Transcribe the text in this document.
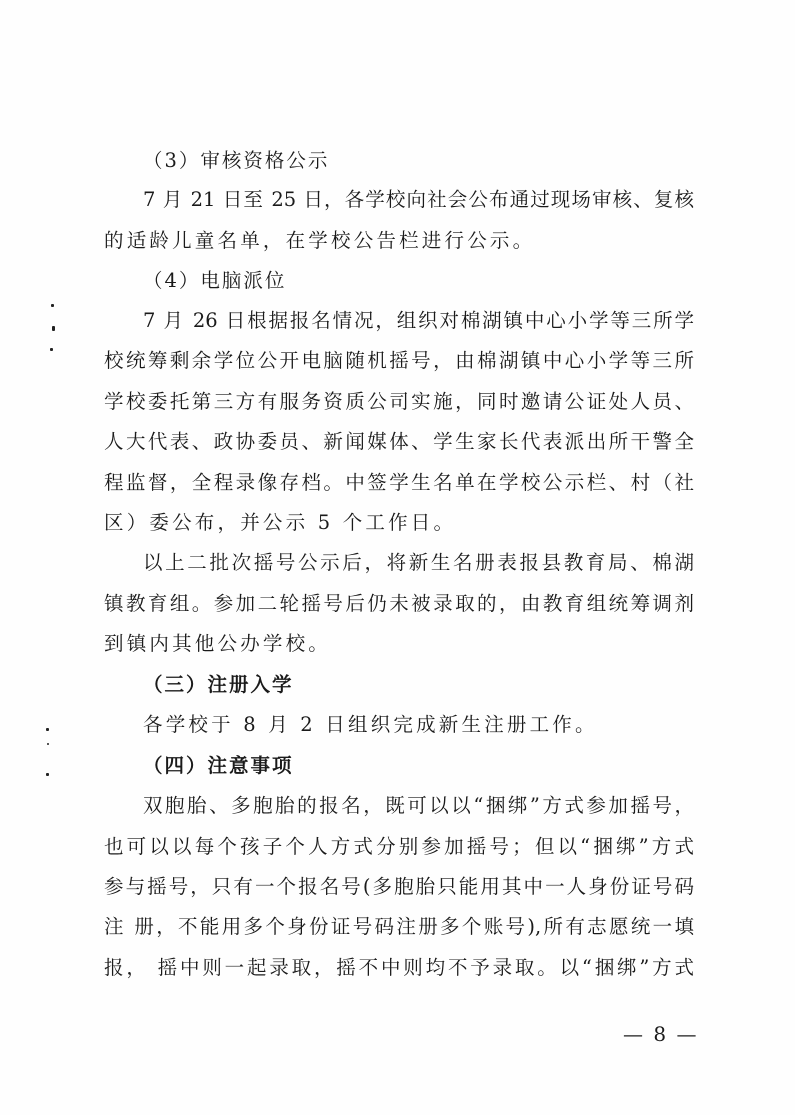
（3）审核资格公示
7 月 21 日至 25 日，各学校向社会公布通过现场审核、复核
的适龄儿童名单，在学校公告栏进行公示。
（4）电脑派位
7 月 26 日根据报名情况，组织对棉湖镇中心小学等三所学
校统筹剩余学位公开电脑随机摇号，由棉湖镇中心小学等三所
学校委托第三方有服务资质公司实施，同时邀请公证处人员、
人大代表、政协委员、新闻媒体、学生家长代表派出所干警全
程监督，全程录像存档。中签学生名单在学校公示栏、村（社
区）委公布，并公示 5 个工作日。
以上二批次摇号公示后，将新生名册表报县教育局、棉湖
镇教育组。参加二轮摇号后仍未被录取的，由教育组统筹调剂
到镇内其他公办学校。
（三）注册入学
各学校于 8 月 2 日组织完成新生注册工作。
（四）注意事项
双胞胎、多胞胎的报名，既可以以“捆绑”方式参加摇号，
也可以以每个孩子个人方式分别参加摇号；但以“捆绑”方式
参与摇号，只有一个报名号(多胞胎只能用其中一人身份证号码
注 册，不能用多个身份证号码注册多个账号),所有志愿统一填
报， 摇中则一起录取，摇不中则均不予录取。以“捆绑”方式
— 8 —
